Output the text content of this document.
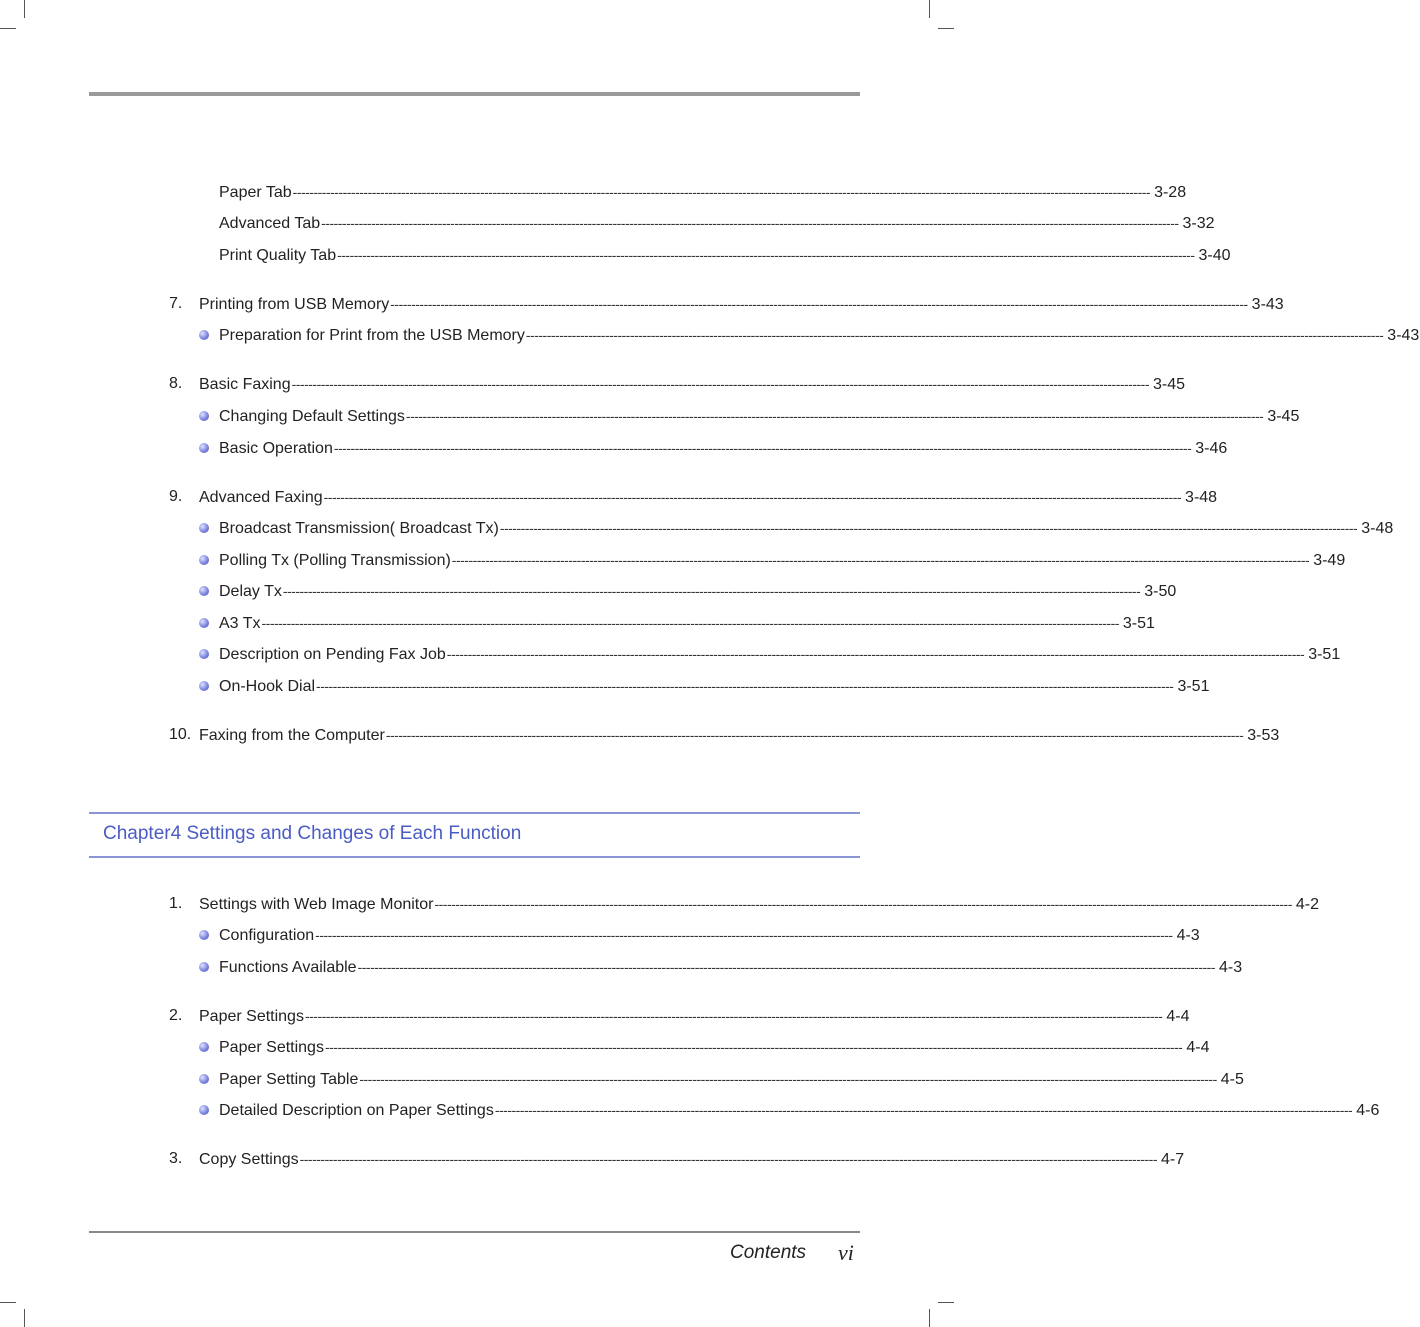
Paper Tab -------------------------------------------------------------------------------------------------------------------------------------------------------------------------------------------------------------- 3-28
Advanced Tab -------------------------------------------------------------------------------------------------------------------------------------------------------------------------------------------------------------- 3-32
Print Quality Tab -------------------------------------------------------------------------------------------------------------------------------------------------------------------------------------------------------------- 3-40
7. Printing from USB Memory -------------------------------------------------------------------------------------------------------------------------------------------------------------------------------------------------------------- 3-43
Preparation for Print from the USB Memory -------------------------------------------------------------------------------------------------------------------------------------------------------------------------------------------------------------- 3-43
8. Basic Faxing -------------------------------------------------------------------------------------------------------------------------------------------------------------------------------------------------------------- 3-45
Changing Default Settings -------------------------------------------------------------------------------------------------------------------------------------------------------------------------------------------------------------- 3-45
Basic Operation -------------------------------------------------------------------------------------------------------------------------------------------------------------------------------------------------------------- 3-46
9. Advanced Faxing -------------------------------------------------------------------------------------------------------------------------------------------------------------------------------------------------------------- 3-48
Broadcast Transmission( Broadcast Tx) -------------------------------------------------------------------------------------------------------------------------------------------------------------------------------------------------------------- 3-48
Polling Tx (Polling Transmission) -------------------------------------------------------------------------------------------------------------------------------------------------------------------------------------------------------------- 3-49
Delay Tx -------------------------------------------------------------------------------------------------------------------------------------------------------------------------------------------------------------- 3-50
A3 Tx -------------------------------------------------------------------------------------------------------------------------------------------------------------------------------------------------------------- 3-51
Description on Pending Fax Job -------------------------------------------------------------------------------------------------------------------------------------------------------------------------------------------------------------- 3-51
On-Hook Dial -------------------------------------------------------------------------------------------------------------------------------------------------------------------------------------------------------------- 3-51
10. Faxing from the Computer -------------------------------------------------------------------------------------------------------------------------------------------------------------------------------------------------------------- 3-53
Chapter4 Settings and Changes of Each Function
1. Settings with Web Image Monitor -------------------------------------------------------------------------------------------------------------------------------------------------------------------------------------------------------------- 4-2
Configuration -------------------------------------------------------------------------------------------------------------------------------------------------------------------------------------------------------------- 4-3
Functions Available -------------------------------------------------------------------------------------------------------------------------------------------------------------------------------------------------------------- 4-3
2. Paper Settings -------------------------------------------------------------------------------------------------------------------------------------------------------------------------------------------------------------- 4-4
Paper Settings -------------------------------------------------------------------------------------------------------------------------------------------------------------------------------------------------------------- 4-4
Paper Setting Table -------------------------------------------------------------------------------------------------------------------------------------------------------------------------------------------------------------- 4-5
Detailed Description on Paper Settings -------------------------------------------------------------------------------------------------------------------------------------------------------------------------------------------------------------- 4-6
3. Copy Settings -------------------------------------------------------------------------------------------------------------------------------------------------------------------------------------------------------------- 4-7
Contents vi
